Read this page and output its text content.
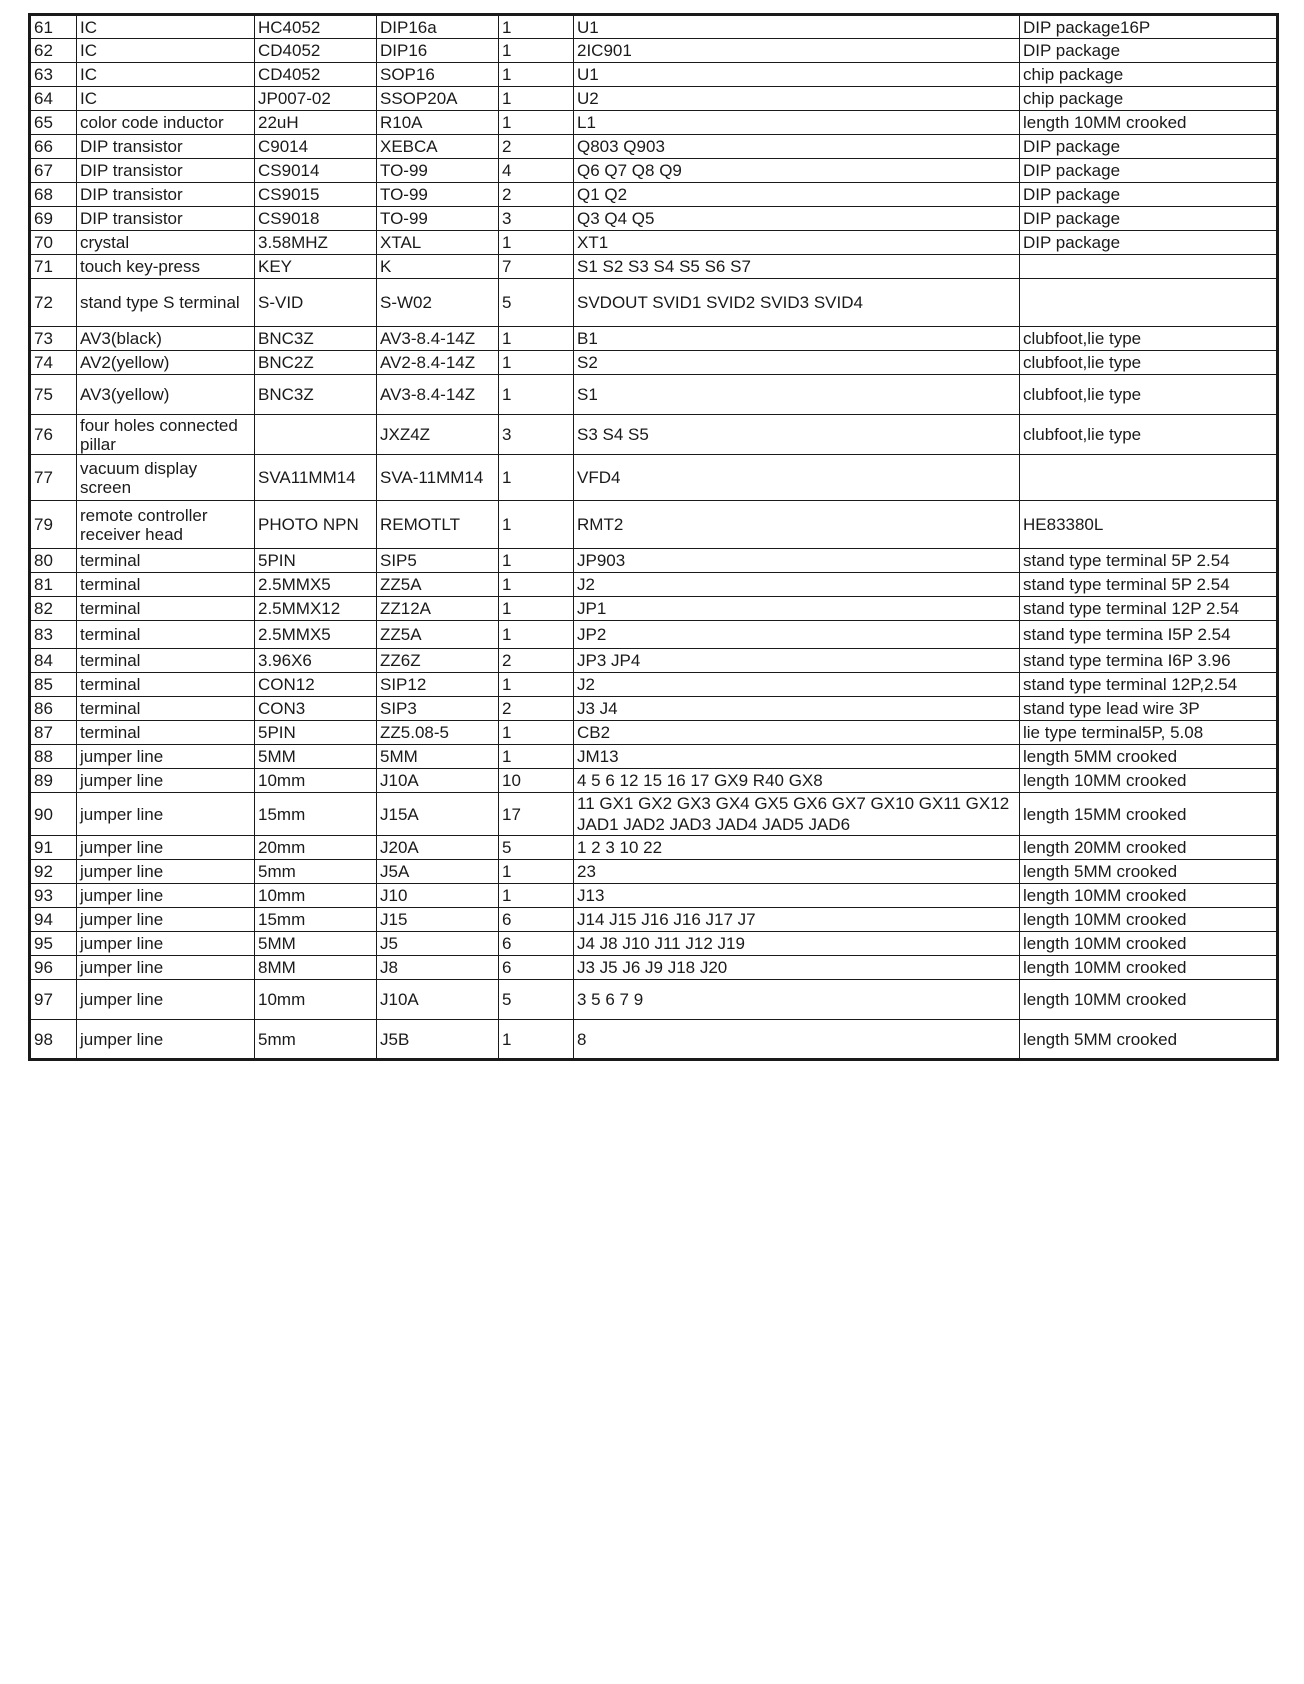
61	IC	HC4052	DIP16a	1	U1	DIP package16P
62	IC	CD4052	DIP16	1	2IC901	DIP package
63	IC	CD4052	SOP16	1	U1	chip package
64	IC	JP007-02	SSOP20A	1	U2	chip package
65	color code inductor	22uH	R10A	1	L1	length 10MM crooked
66	DIP transistor	C9014	XEBCA	2	Q803 Q903	DIP package
67	DIP transistor	CS9014	TO-99	4	Q6 Q7 Q8 Q9	DIP package
68	DIP transistor	CS9015	TO-99	2	Q1 Q2	DIP package
69	DIP transistor	CS9018	TO-99	3	Q3 Q4 Q5	DIP package
70	crystal	3.58MHZ	XTAL	1	XT1	DIP package
71	touch key-press	KEY	K	7	S1 S2 S3 S4 S5 S6 S7	
72	stand type S terminal	S-VID	S-W02	5	SVDOUT SVID1 SVID2 SVID3 SVID4	
73	AV3(black)	BNC3Z	AV3-8.4-14Z	1	B1	clubfoot,lie type
74	AV2(yellow)	BNC2Z	AV2-8.4-14Z	1	S2	clubfoot,lie type
75	AV3(yellow)	BNC3Z	AV3-8.4-14Z	1	S1	clubfoot,lie type
76	four holes connected pillar		JXZ4Z	3	S3 S4 S5	clubfoot,lie type
77	vacuum display screen	SVA11MM14	SVA-11MM14	1	VFD4	
79	remote controller receiver head	PHOTO NPN	REMOTLT	1	RMT2	HE83380L
80	terminal	5PIN	SIP5	1	JP903	stand type terminal 5P 2.54
81	terminal	2.5MMX5	ZZ5A	1	J2	stand type terminal 5P 2.54
82	terminal	2.5MMX12	ZZ12A	1	JP1	stand type terminal 12P 2.54
83	terminal	2.5MMX5	ZZ5A	1	JP2	stand type termina I5P 2.54
84	terminal	3.96X6	ZZ6Z	2	JP3 JP4	stand type termina I6P 3.96
85	terminal	CON12	SIP12	1	J2	stand type terminal 12P,2.54
86	terminal	CON3	SIP3	2	J3 J4	stand type lead wire 3P
87	terminal	5PIN	ZZ5.08-5	1	CB2	lie type terminal5P, 5.08
88	jumper line	5MM	5MM	1	JM13	length 5MM crooked
89	jumper line	10mm	J10A	10	4 5 6 12 15 16 17 GX9 R40 GX8	length 10MM crooked
90	jumper line	15mm	J15A	17	11 GX1 GX2 GX3 GX4 GX5 GX6 GX7 GX10 GX11 GX12 JAD1 JAD2 JAD3 JAD4 JAD5 JAD6	length 15MM crooked
91	jumper line	20mm	J20A	5	1 2 3 10 22	length 20MM crooked
92	jumper line	5mm	J5A	1	23	length 5MM crooked
93	jumper line	10mm	J10	1	J13	length 10MM crooked
94	jumper line	15mm	J15	6	J14 J15 J16 J16 J17 J7	length 10MM crooked
95	jumper line	5MM	J5	6	J4 J8 J10 J11 J12 J19	length 10MM crooked
96	jumper line	8MM	J8	6	J3 J5 J6 J9 J18 J20	length 10MM crooked
97	jumper line	10mm	J10A	5	3 5 6 7 9	length 10MM crooked
98	jumper line	5mm	J5B	1	8	length 5MM crooked
